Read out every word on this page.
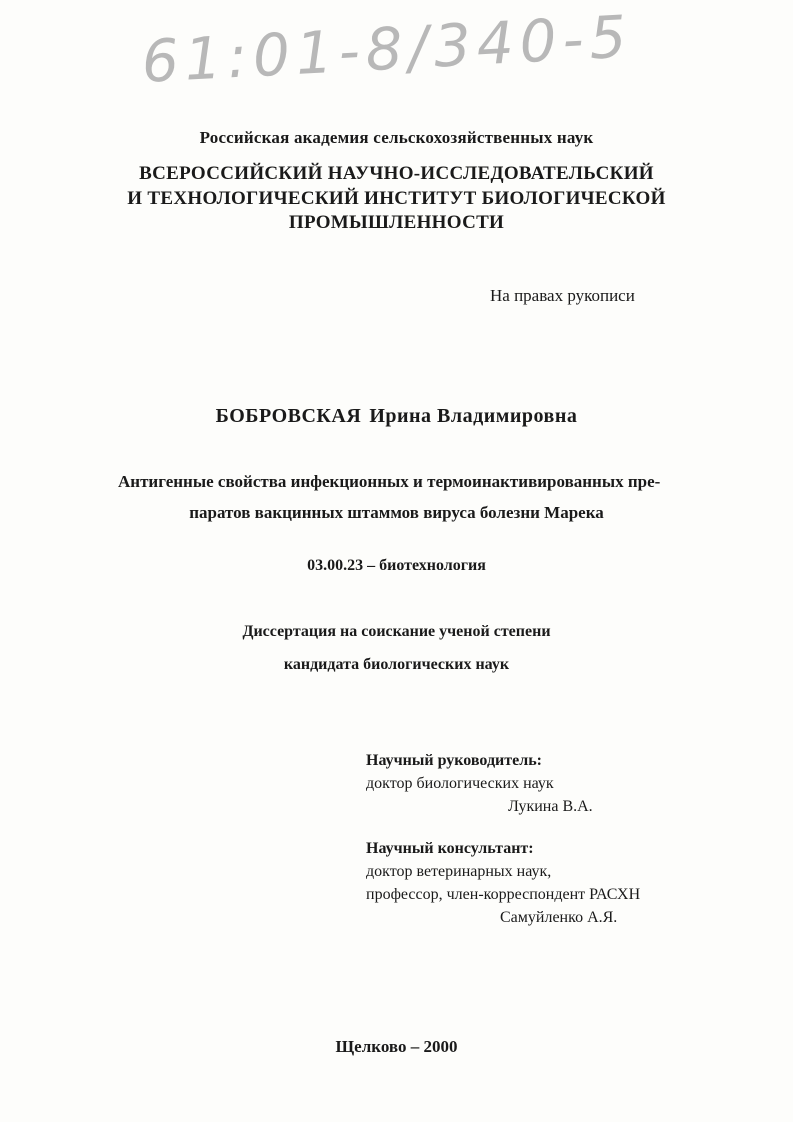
61:01-8/340-5
Российская академия сельскохозяйственных наук
ВСЕРОССИЙСКИЙ НАУЧНО-ИССЛЕДОВАТЕЛЬСКИЙ
И ТЕХНОЛОГИЧЕСКИЙ ИНСТИТУТ БИОЛОГИЧЕСКОЙ
ПРОМЫШЛЕННОСТИ
На правах рукописи
БОБРОВСКАЯ Ирина Владимировна
Антигенные свойства инфекционных и термоинактивированных пре-
паратов вакцинных штаммов вируса болезни Марека
03.00.23 – биотехнология
Диссертация на соискание ученой степени
кандидата биологических наук
Научный руководитель:
доктор биологических наук
Лукина В.А.
Научный консультант:
доктор ветеринарных наук,
профессор, член-корреспондент РАСХН
Самуйленко А.Я.
Щелково – 2000
